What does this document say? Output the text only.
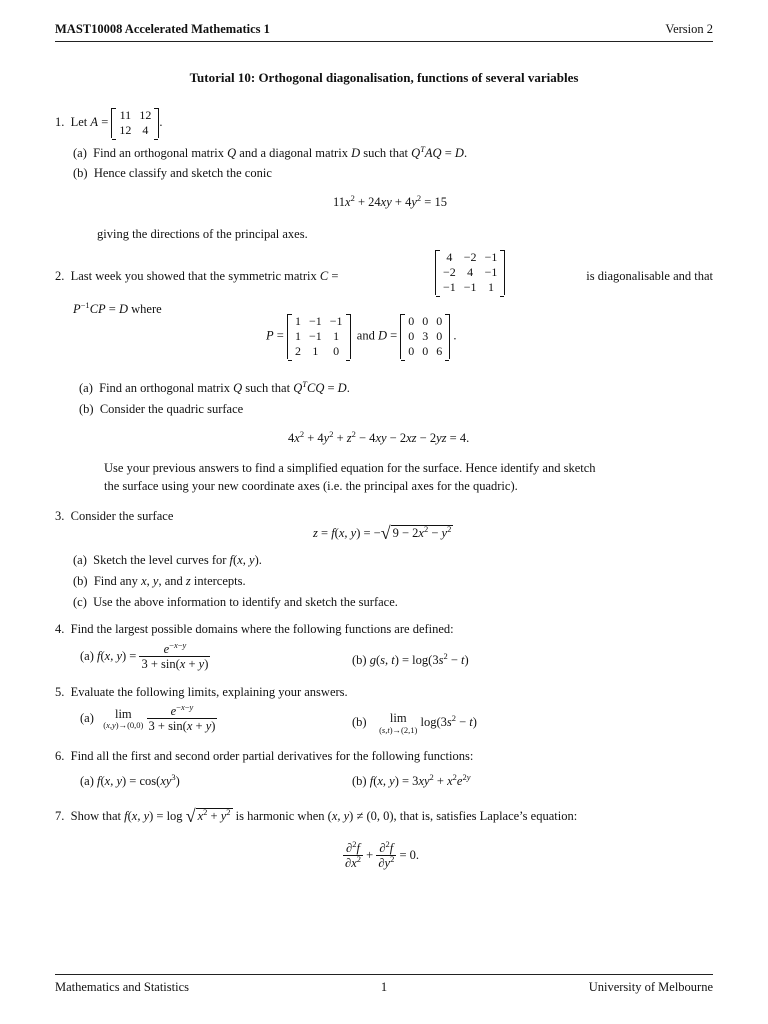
MAST10008 Accelerated Mathematics 1	Version 2
Tutorial 10: Orthogonal diagonalisation, functions of several variables
1. Let A = 11	12
12	4
.
(a) Find an orthogonal matrix Q and a diagonal matrix D such that $Q^TAQ = D$.
(b) Hence classify and sketch the conic
$11x^2 + 24xy + 4y^2 = 15$
giving the directions of the principal axes.
2. Last week you showed that the symmetric matrix C =
4	−2	−1
−2	4	−1
−1	−1	1
is diagonalisable and that
$P^{-1}CP = D$ where
P =
1	−1	−1
1	−1	1
2	1	0
and D =
0	0	0
0	3	0
0	0	6
.
(a) Find an orthogonal matrix Q such that $Q^TCQ = D$.
(b) Consider the quadric surface
$4x^2 + 4y^2 + z^2 - 4xy - 2xz - 2yz = 4$.
Use your previous answers to find a simplified equation for the surface. Hence identify and sketch
the surface using your new coordinate axes (i.e. the principal axes for the quadric).
3. Consider the surface
z = f(x, y) = −√ $9 - 2x^2 - y^2$
(a) Sketch the level curves for f(x, y).
(b) Find any x, y, and z intercepts.
(c) Use the above information to identify and sketch the surface.
4. Find the largest possible domains where the following functions are defined:
(a) f(x, $y) = \frac{e^{-x-y}}{3 + \sin(x + y)}$	(b) g(s, $t) = \log(3s^2 - t)$
5. Evaluate the following limits, explaining your answers.
(a) lim
(x,y)→(0,0)
$\frac{e^{-x-y}}{3 + \sin(x + y)}$	(b) lim
(s,t)→(2,1)
$\log(3s^2 - t)$
6. Find all the first and second order partial derivatives for the following functions:
(a) f(x, $y) = \cos(xy^3)$	(b) f(x, $y) = 3xy^2 + x^2e^{2y}$
7. Show that f(x, y) = log √ $x^2 + y^2$ is harmonic when (x, y) ≠ (0, 0), that is, satisfies Laplace’s equation:
$\frac{\partial^2f}{\partial x^2} + \frac{\partial^2f}{\partial y^2} = 0$.
Mathematics and Statistics	1	University of Melbourne
